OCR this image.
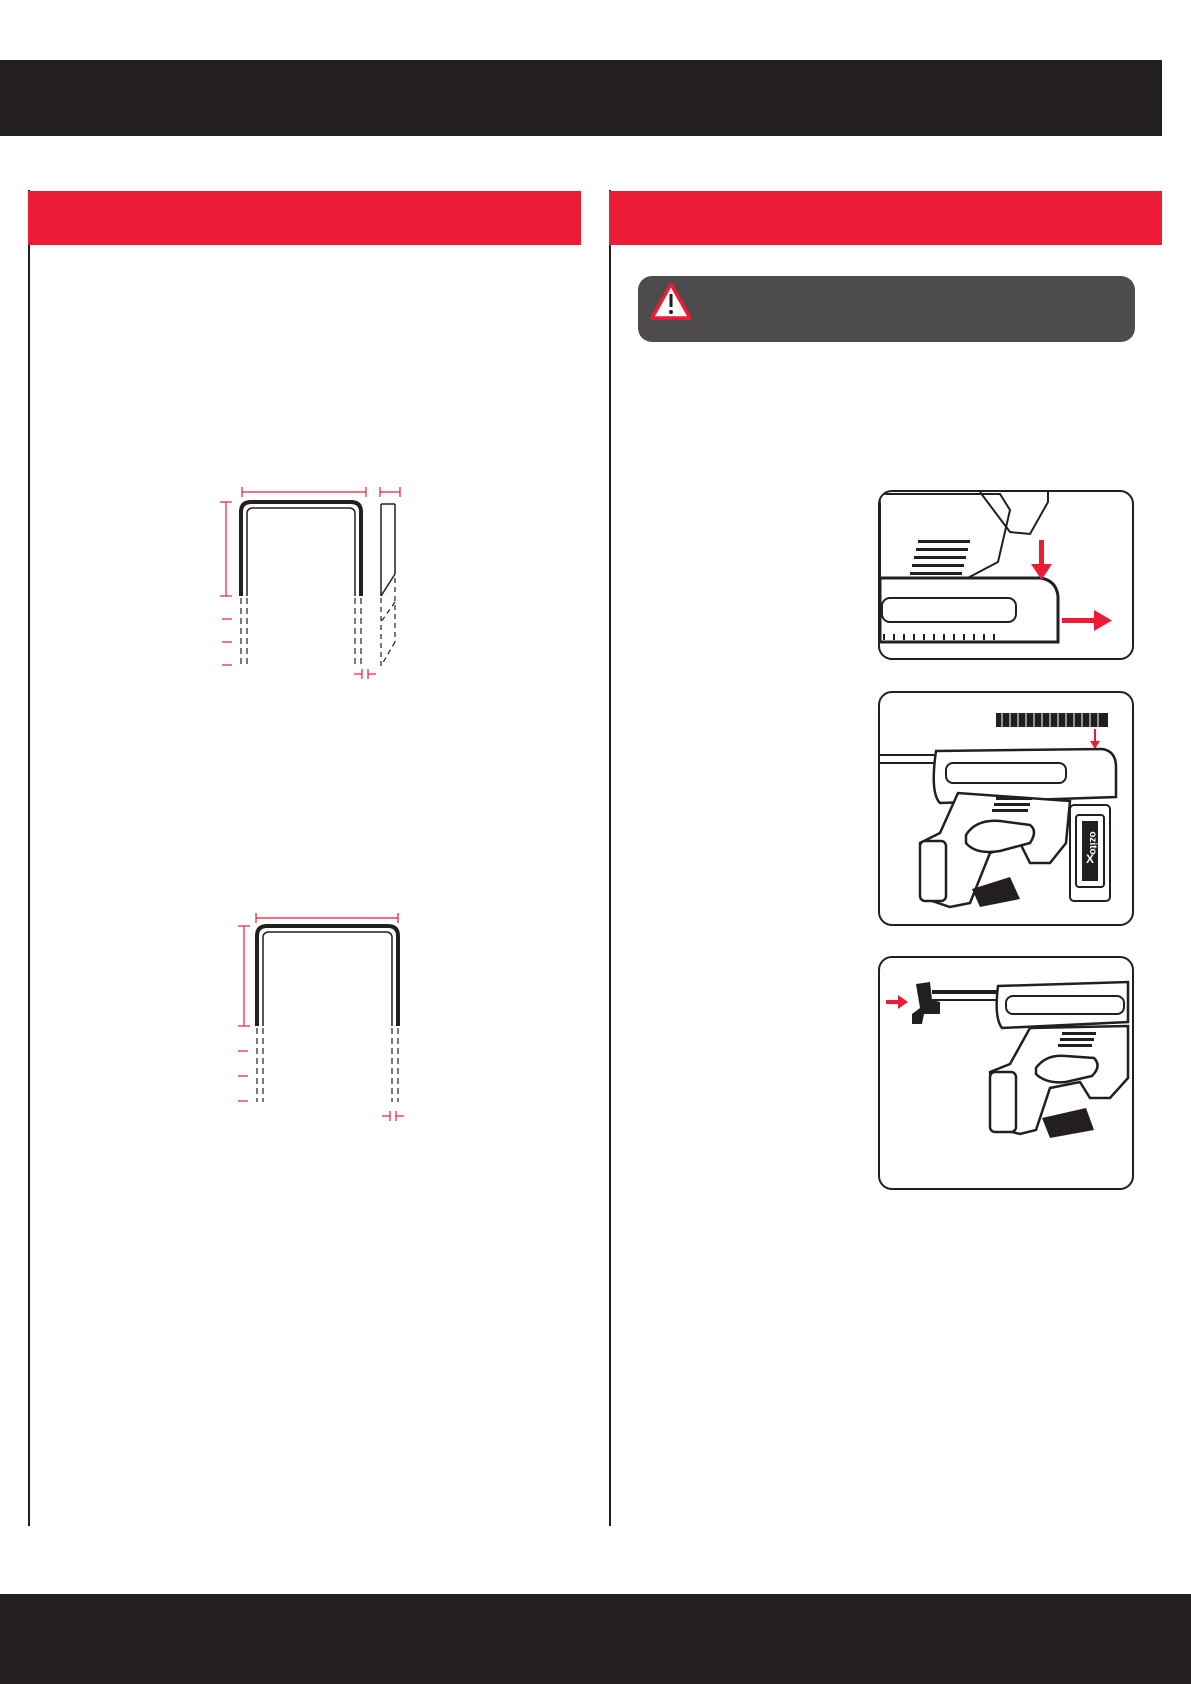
ozito
X
